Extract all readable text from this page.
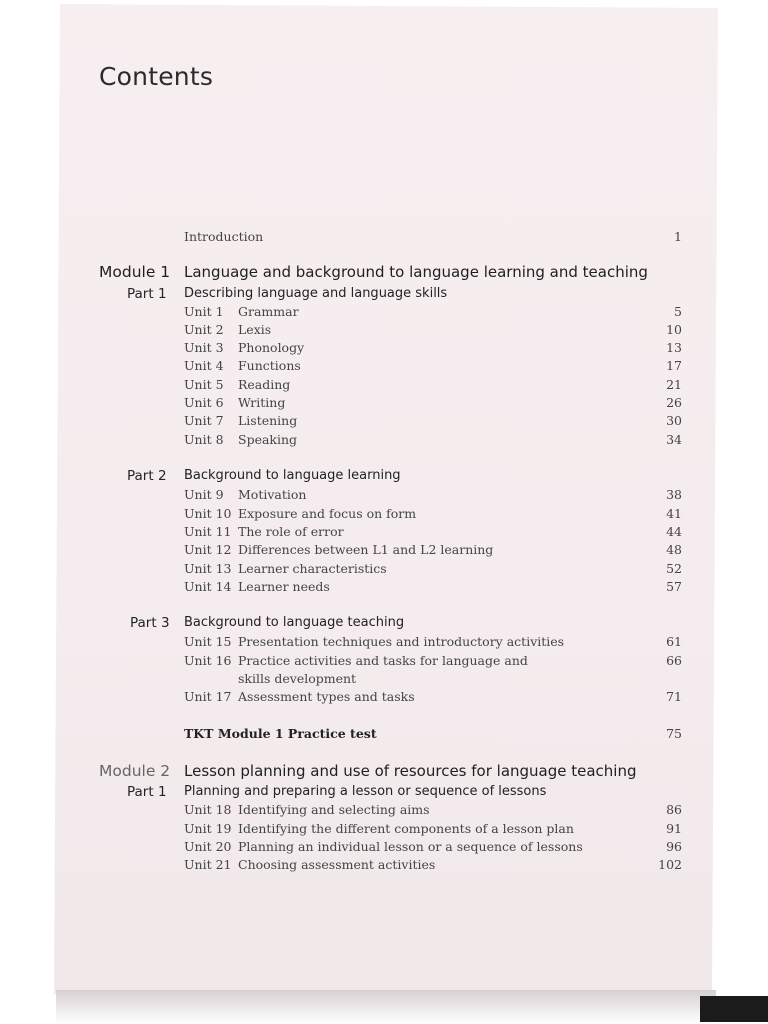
Contents
Introduction	1
Module 1 Language and background to language learning and teaching
Part 1 Describing language and language skills
Unit 1 Grammar	5
Unit 2 Lexis	10
Unit 3 Phonology	13
Unit 4 Functions	17
Unit 5 Reading	21
Unit 6 Writing	26
Unit 7 Listening	30
Unit 8 Speaking	34
Part 2 Background to language learning
Unit 9 Motivation	38
Unit 10 Exposure and focus on form	41
Unit 11 The role of error	44
Unit 12 Differences between L1 and L2 learning	48
Unit 13 Learner characteristics	52
Unit 14 Learner needs	57
Part 3 Background to language teaching
Unit 15 Presentation techniques and introductory activities	61
Unit 16 Practice activities and tasks for language and	66
skills development
Unit 17 Assessment types and tasks	71
TKT Module 1 Practice test	75
Module 2 Lesson planning and use of resources for language teaching
Part 1 Planning and preparing a lesson or sequence of lessons
Unit 18 Identifying and selecting aims	86
Unit 19 Identifying the different components of a lesson plan	91
Unit 20 Planning an individual lesson or a sequence of lessons	96
Unit 21 Choosing assessment activities	102
